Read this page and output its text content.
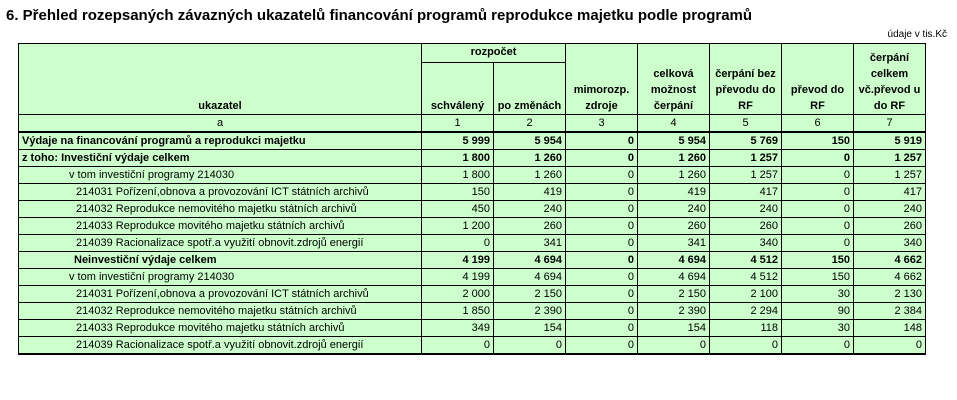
6. Přehled rozepsaných závazných ukazatelů financování programů reprodukce majetku podle programů
údaje v tis.Kč
ukazatel	rozpočet		mimorozp. zdroje	celková možnost čerpání	čerpání bez převodu do RF	převod do RF	čerpání celkem vč.převod u do RF
	schválený	po změnách					
a	1	2	3	4	5	6	7
Výdaje na financování programů a reprodukci majetku	5 999	5 954	0	5 954	5 769	150	5 919
z toho: Investiční výdaje celkem	1 800	1 260	0	1 260	1 257	0	1 257
v tom investiční programy 214030	1 800	1 260	0	1 260	1 257	0	1 257
214031 Pořízení,obnova a provozování ICT státních archivů	150	419	0	419	417	0	417
214032 Reprodukce nemovitého majetku státních archivů	450	240	0	240	240	0	240
214033 Reprodukce movitého majetku státních archivů	1 200	260	0	260	260	0	260
214039 Racionalizace spotř.a využití obnovit.zdrojů energií	0	341	0	341	340	0	340
Neinvestiční výdaje celkem	4 199	4 694	0	4 694	4 512	150	4 662
v tom investiční programy 214030	4 199	4 694	0	4 694	4 512	150	4 662
214031 Pořízení,obnova a provozování ICT státních archivů	2 000	2 150	0	2 150	2 100	30	2 130
214032 Reprodukce nemovitého majetku státních archivů	1 850	2 390	0	2 390	2 294	90	2 384
214033 Reprodukce movitého majetku státních archivů	349	154	0	154	118	30	148
214039 Racionalizace spotř.a využití obnovit.zdrojů energií	0	0	0	0	0	0	0
